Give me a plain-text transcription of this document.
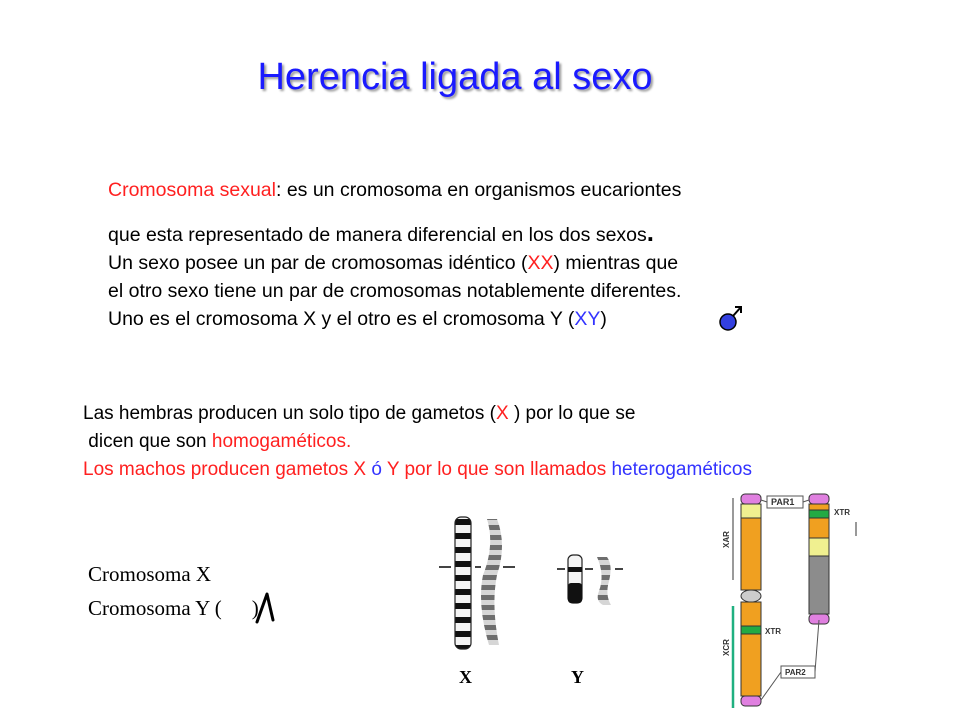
Herencia ligada al sexo
Cromosoma sexual: es un cromosoma en organismos eucariontes
que esta representado de manera diferencial en los dos sexos.
Un sexo posee un par de cromosomas idéntico (XX) mientras que
el otro sexo tiene un par de cromosomas notablemente diferentes.
Uno es el cromosoma X y el otro es el cromosoma Y (XY)
Las hembras producen un solo tipo de gametos (X ) por lo que se
dicen que son homogaméticos.
Los machos producen gametos X ó Y por lo que son llamados heterogaméticos
Cromosoma X
Cromosoma Y ( )
X	Y
XAR
XCR
PAR1
XTR
XTR
PAR2
